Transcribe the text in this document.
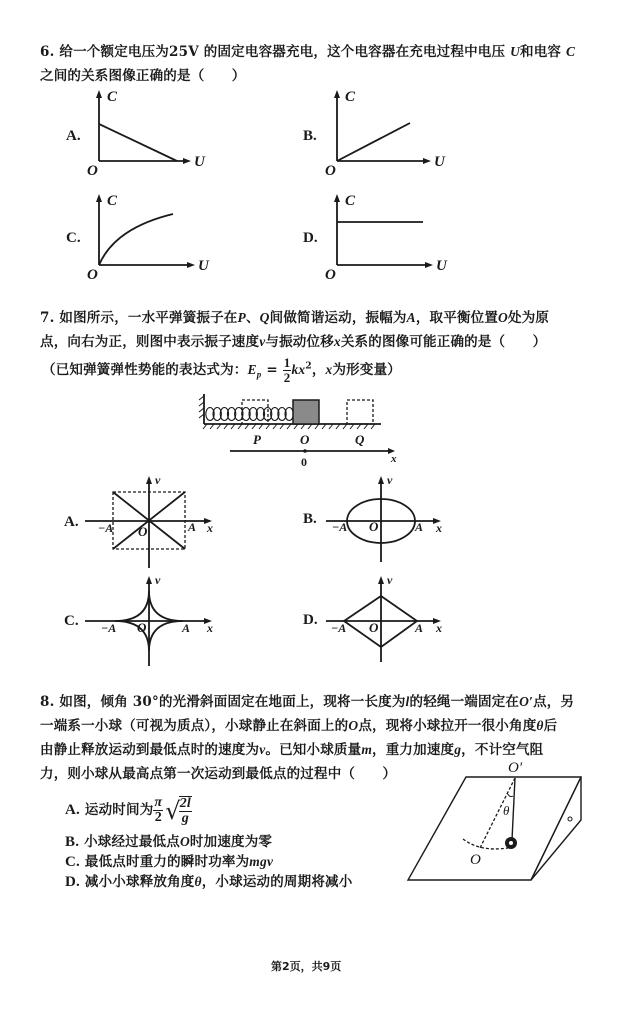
6. 给一个额定电压为25V 的固定电容器充电，这个电容器在充电过程中电压 U和电容 C
之间的关系图像正确的是（　　）
A.	B.
C.	D.
C
U
O
C
U
O
C
U
O
C
U
O
7. 如图所示，一水平弹簧振子在P、Q间做简谐运动，振幅为A，取平衡位置O处为原
点，向右为正，则图中表示振子速度v与振动位移x关系的图像可能正确的是（　　）
（已知弹簧弹性势能的表达式为：$E_p = \frac{1}{2} kx^2$，x为形变量）
P	O	Q
0	x
A.	B.
C.	D.
v
x
−A	A
O
v
x
−A	A
O
v
x
−A	A
O
v
x
−A	A
O
8. 如图，倾角 30°的光滑斜面固定在地面上，现将一长度为l的轻绳一端固定在O′点，另
一端系一小球（可视为质点），小球静止在斜面上的O点，现将小球拉开一很小角度θ后
由静止释放运动到最低点时的速度为v。已知小球质量m，重力加速度g，不计空气阻
力，则小球从最高点第一次运动到最低点的过程中（　　）
A. 运动时间为 $\frac{\pi}{2}$ √
$\frac{2l}{g}$
B. 小球经过最低点O时加速度为零
C. 最低点时重力的瞬时功率为mgv
D. 减小小球释放角度θ，小球运动的周期将减小
O′
θ
O
第2页，共9页
